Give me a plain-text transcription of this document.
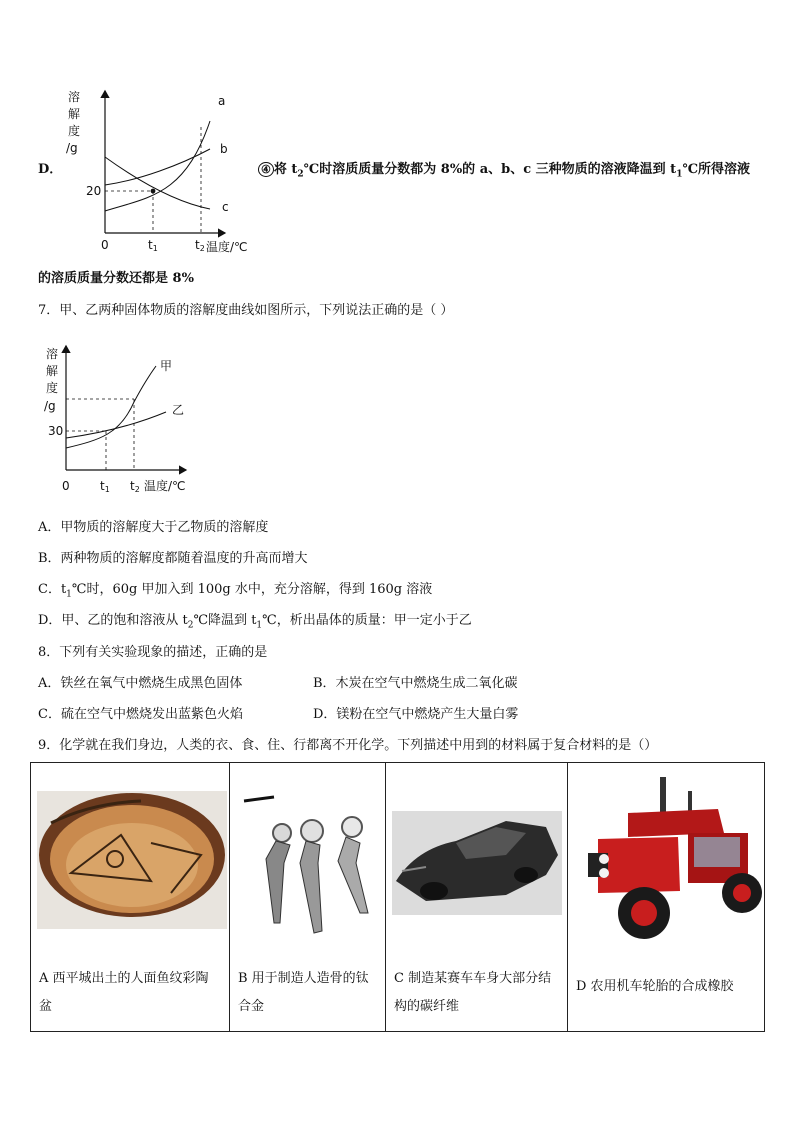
D．
溶
解
度
/g
20
0	t1	t2 温度/℃
a
b
c
④ 将 $t_2℃$时溶质质量分数都为 8%的 a、b、c 三种物质的溶液降温到 $t_1℃$所得溶液
的溶质质量分数还都是 8%
7．甲、乙两种固体物质的溶解度曲线如图所示，下列说法正确的是（ ）
溶
解
度
/g
30
0	t1 t2 温度/℃
甲
乙
A．甲物质的溶解度大于乙物质的溶解度
B．两种物质的溶解度都随着温度的升高而增大
C．$t_1℃$时，60g 甲加入到 100g 水中，充分溶解，得到 160g 溶液
D．甲、乙的饱和溶液从 $t_2℃$降温到 $t_1℃$，析出晶体的质量：甲一定小于乙
8．下列有关实验现象的描述，正确的是
A．铁丝在氧气中燃烧生成黑色固体	B．木炭在空气中燃烧生成二氧化碳
C．硫在空气中燃烧发出蓝紫色火焰	D．镁粉在空气中燃烧产生大量白雾
9．化学就在我们身边，人类的衣、食、住、行都离不开化学。下列描述中用到的材料属于复合材料的是（）
A 西平城出土的人面鱼纹彩陶盆

B 用于制造人造骨的钛合金

C 制造某赛车车身大部分结构的碳纤维

D 农用机车轮胎的合成橡胶
